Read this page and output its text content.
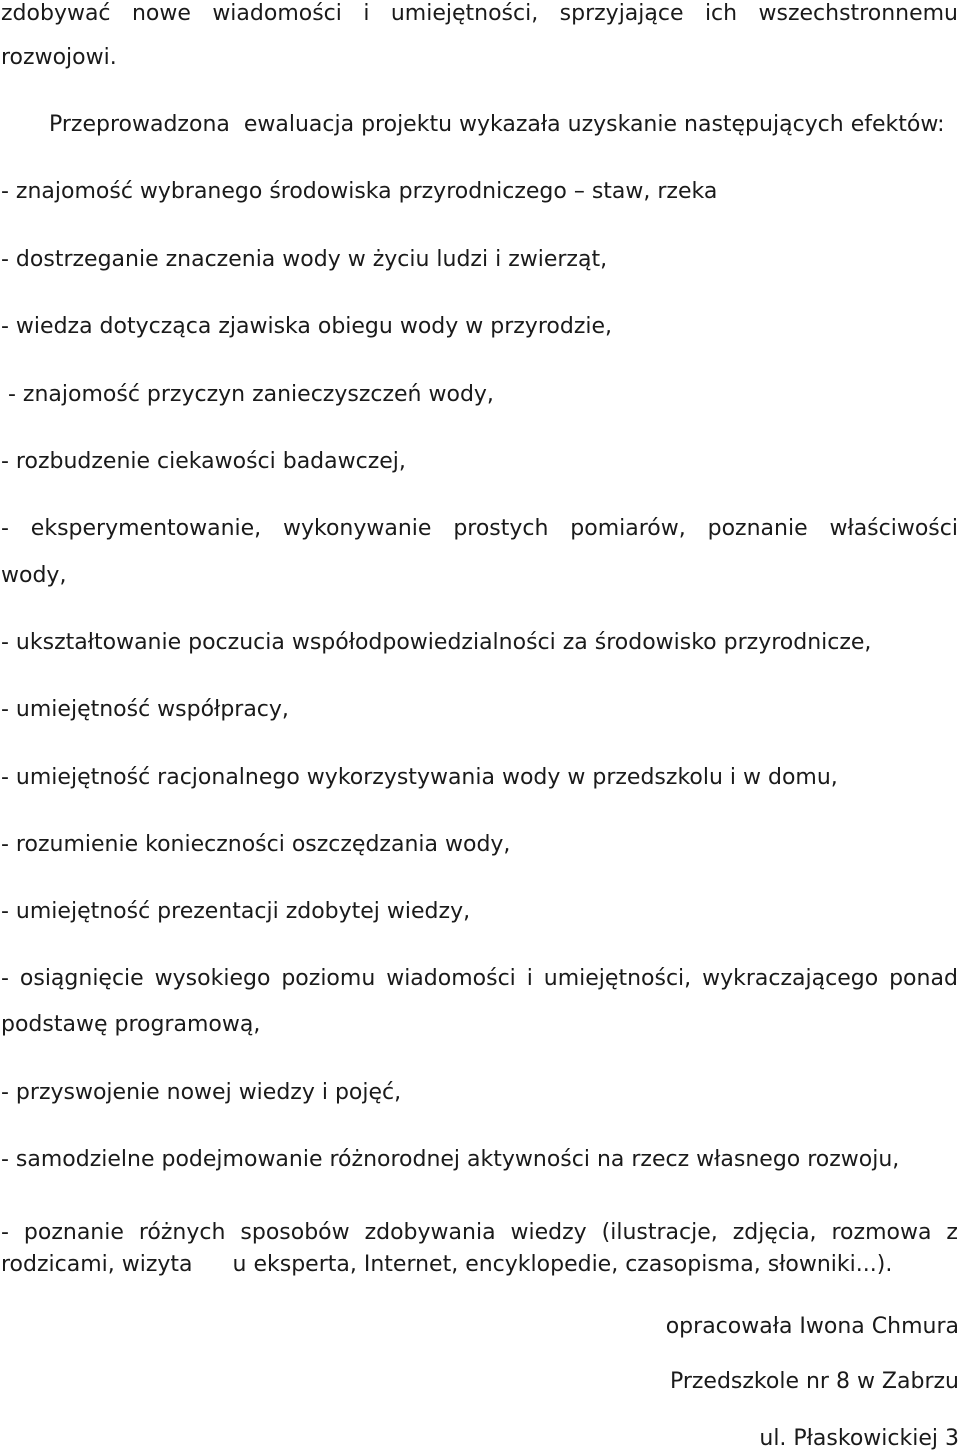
zdobywać nowe wiadomości i umiejętności, sprzyjające ich wszechstronnemu
rozwojowi.
Przeprowadzona  ewaluacja projektu wykazała uzyskanie następujących efektów:
- znajomość wybranego środowiska przyrodniczego – staw, rzeka
- dostrzeganie znaczenia wody w życiu ludzi i zwierząt,
- wiedza dotycząca zjawiska obiegu wody w przyrodzie,
- znajomość przyczyn zanieczyszczeń wody,
- rozbudzenie ciekawości badawczej,
- eksperymentowanie, wykonywanie prostych pomiarów, poznanie właściwości
wody,
- ukształtowanie poczucia współodpowiedzialności za środowisko przyrodnicze,
- umiejętność współpracy,
- umiejętność racjonalnego wykorzystywania wody w przedszkolu i w domu,
- rozumienie konieczności oszczędzania wody,
- umiejętność prezentacji zdobytej wiedzy,
- osiągnięcie wysokiego poziomu wiadomości i umiejętności, wykraczającego ponad
podstawę programową,
- przyswojenie nowej wiedzy i pojęć,
- samodzielne podejmowanie różnorodnej aktywności na rzecz własnego rozwoju,
- poznanie różnych sposobów zdobywania wiedzy (ilustracje, zdjęcia, rozmowa z
rodzicami, wizyta u eksperta, Internet, encyklopedie, czasopisma, słowniki...).
opracowała Iwona Chmura
Przedszkole nr 8 w Zabrzu
ul. Płaskowickiej 3
